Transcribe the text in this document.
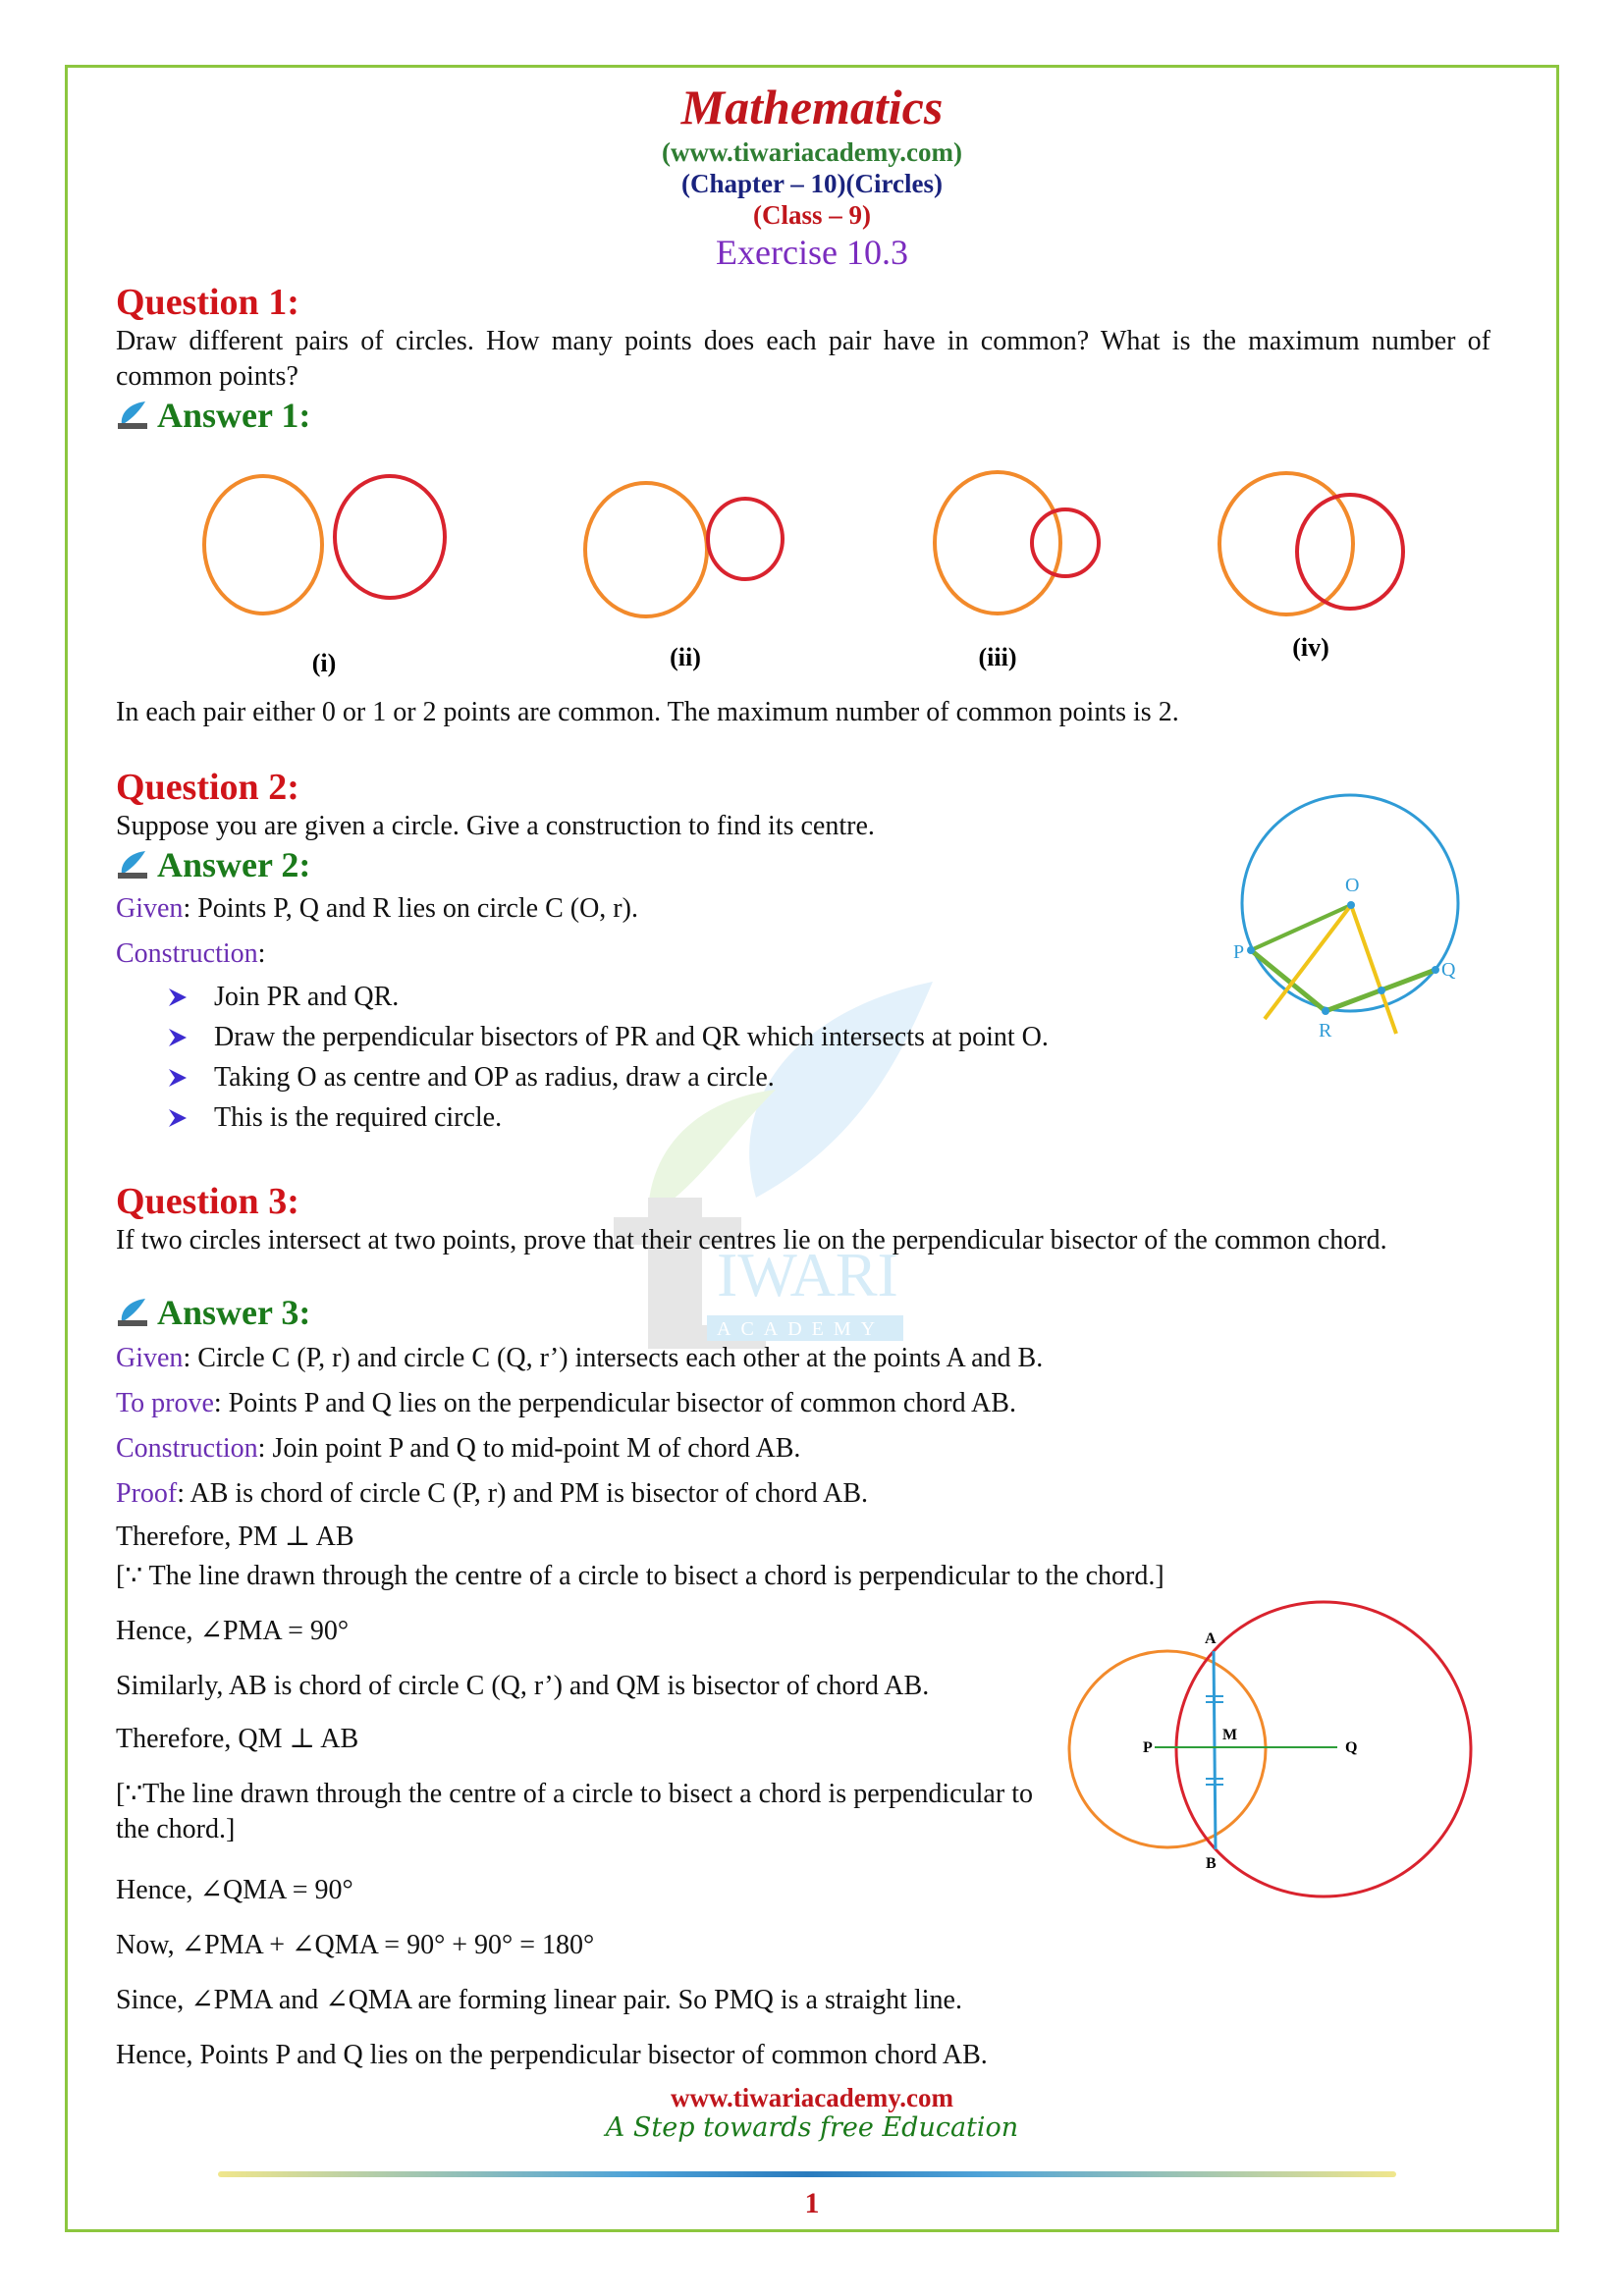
IWARI
ACADEMY
Mathematics
(www.tiwariacademy.com)
(Chapter – 10)(Circles)
(Class – 9)
Exercise 10.3
Question 1:
Draw different pairs of circles. How many points does each pair have in common? What is the maximum number of common points?
Answer 1:
(i)	(ii)	(iii)	(iv)
In each pair either 0 or 1 or 2 points are common. The maximum number of common points is 2.
Question 2:
Suppose you are given a circle. Give a construction to find its centre.
Answer 2:
Given: Points P, Q and R lies on circle C (O, r).
Construction:
Join PR and QR.
Draw the perpendicular bisectors of PR and QR which intersects at point O.
Taking O as centre and OP as radius, draw a circle.
This is the required circle.
O
P
Q
R
Question 3:
If two circles intersect at two points, prove that their centres lie on the perpendicular bisector of the common chord.
Answer 3:
Given: Circle C (P, r) and circle C (Q, r’) intersects each other at the points A and B.
To prove: Points P and Q lies on the perpendicular bisector of common chord AB.
Construction: Join point P and Q to mid-point M of chord AB.
Proof: AB is chord of circle C (P, r) and PM is bisector of chord AB.
Therefore, PM ⊥ AB
[∵ The line drawn through the centre of a circle to bisect a chord is perpendicular to the chord.]
Hence, ∠PMA = 90°
Similarly, AB is chord of circle C (Q, r’) and QM is bisector of chord AB.
Therefore, QM ⊥ AB
[∵The line drawn through the centre of a circle to bisect a chord is perpendicular to the chord.]
Hence, ∠QMA = 90°
Now, ∠PMA + ∠QMA = 90° + 90° = 180°
Since, ∠PMA and ∠QMA are forming linear pair. So PMQ is a straight line.
Hence, Points P and Q lies on the perpendicular bisector of common chord AB.
A
B
P
M
Q
www.tiwariacademy.com
A Step towards free Education
1
